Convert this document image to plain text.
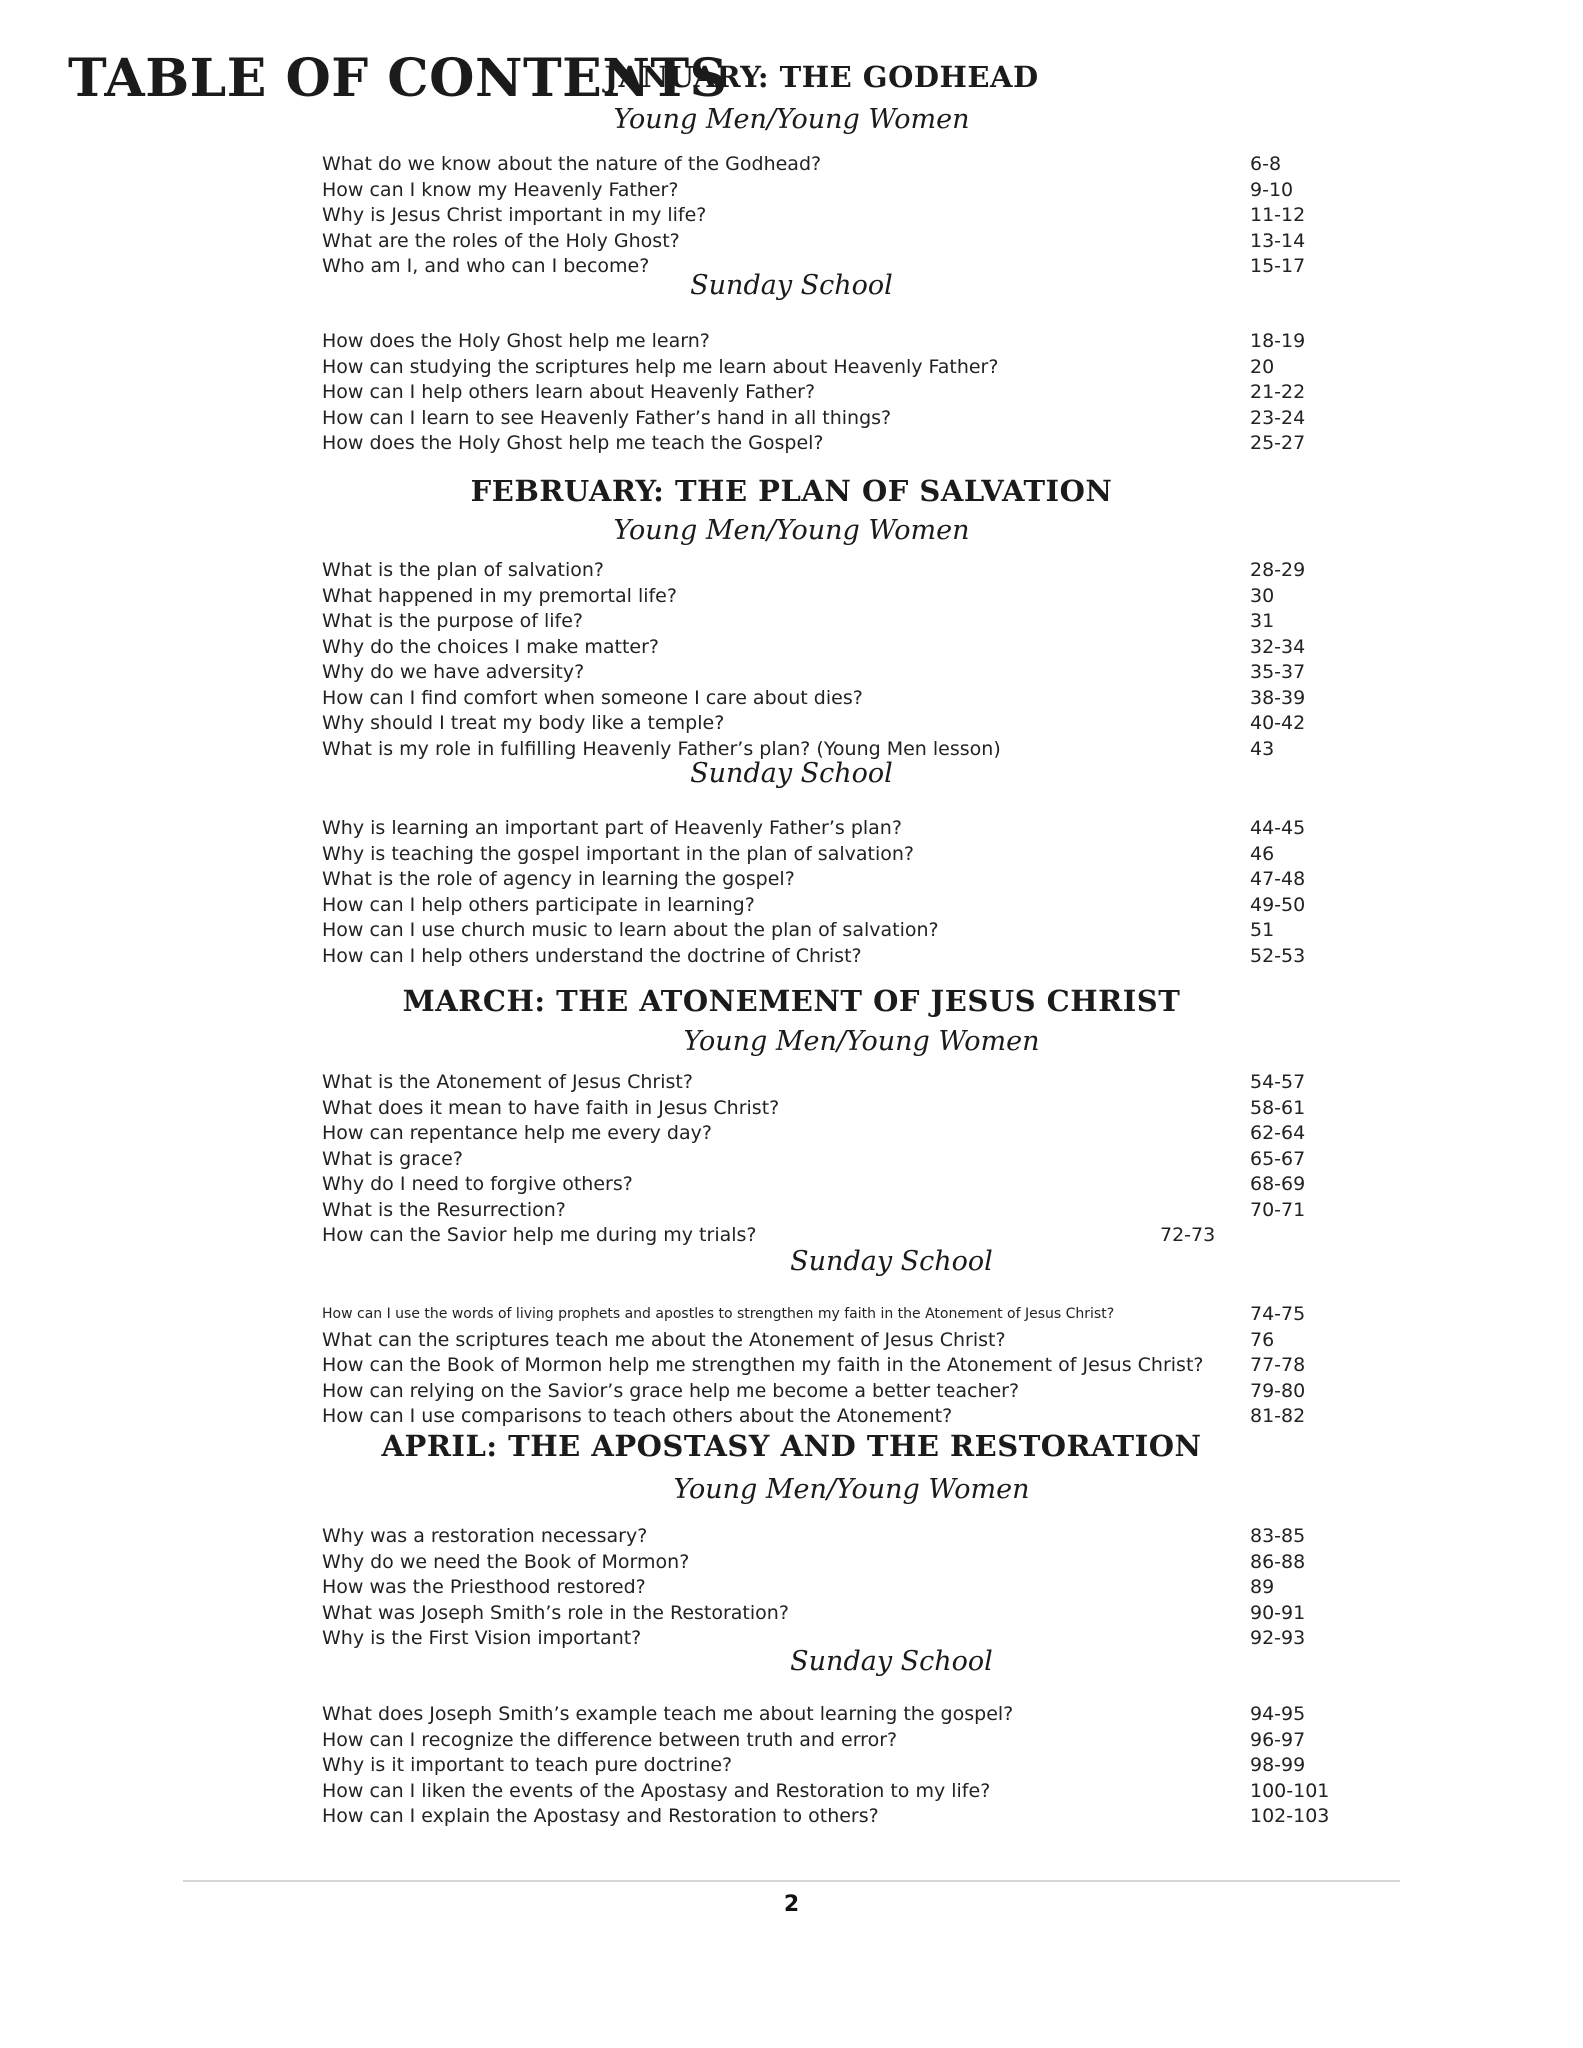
TABLE OF CONTENTS
JANUARY: THE GODHEAD
Young Men/Young Women
What do we know about the nature of the Godhead?	6-8
How can I know my Heavenly Father?	9-10
Why is Jesus Christ important in my life?	11-12
What are the roles of the Holy Ghost?	13-14
Who am I, and who can I become?	15-17
Sunday School
How does the Holy Ghost help me learn?	18-19
How can studying the scriptures help me learn about Heavenly Father?	20
How can I help others learn about Heavenly Father?	21-22
How can I learn to see Heavenly Father’s hand in all things?	23-24
How does the Holy Ghost help me teach the Gospel?	25-27
FEBRUARY: THE PLAN OF SALVATION
Young Men/Young Women
What is the plan of salvation?	28-29
What happened in my premortal life?	30
What is the purpose of life?	31
Why do the choices I make matter?	32-34
Why do we have adversity?	35-37
How can I find comfort when someone I care about dies?	38-39
Why should I treat my body like a temple?	40-42
What is my role in fulfilling Heavenly Father’s plan? (Young Men lesson)	43
Sunday School
Why is learning an important part of Heavenly Father’s plan?	44-45
Why is teaching the gospel important in the plan of salvation?	46
What is the role of agency in learning the gospel?	47-48
How can I help others participate in learning?	49-50
How can I use church music to learn about the plan of salvation?	51
How can I help others understand the doctrine of Christ?	52-53
MARCH: THE ATONEMENT OF JESUS CHRIST
Young Men/Young Women
What is the Atonement of Jesus Christ?	54-57
What does it mean to have faith in Jesus Christ?	58-61
How can repentance help me every day?	62-64
What is grace?	65-67
Why do I need to forgive others?	68-69
What is the Resurrection?	70-71
How can the Savior help me during my trials?	72-73
Sunday School
How can I use the words of living prophets and apostles to strengthen my faith in the Atonement of Jesus Christ?	74-75
What can the scriptures teach me about the Atonement of Jesus Christ?	76
How can the Book of Mormon help me strengthen my faith in the Atonement of Jesus Christ? 77-78
How can relying on the Savior’s grace help me become a better teacher?	79-80
How can I use comparisons to teach others about the Atonement?	81-82
APRIL: THE APOSTASY AND THE RESTORATION
Young Men/Young Women
Why was a restoration necessary?	83-85
Why do we need the Book of Mormon?	86-88
How was the Priesthood restored?	89
What was Joseph Smith’s role in the Restoration?	90-91
Why is the First Vision important?	92-93
Sunday School
What does Joseph Smith’s example teach me about learning the gospel?	94-95
How can I recognize the difference between truth and error?	96-97
Why is it important to teach pure doctrine?	98-99
How can I liken the events of the Apostasy and Restoration to my life?	100-101
How can I explain the Apostasy and Restoration to others?	102-103
2
